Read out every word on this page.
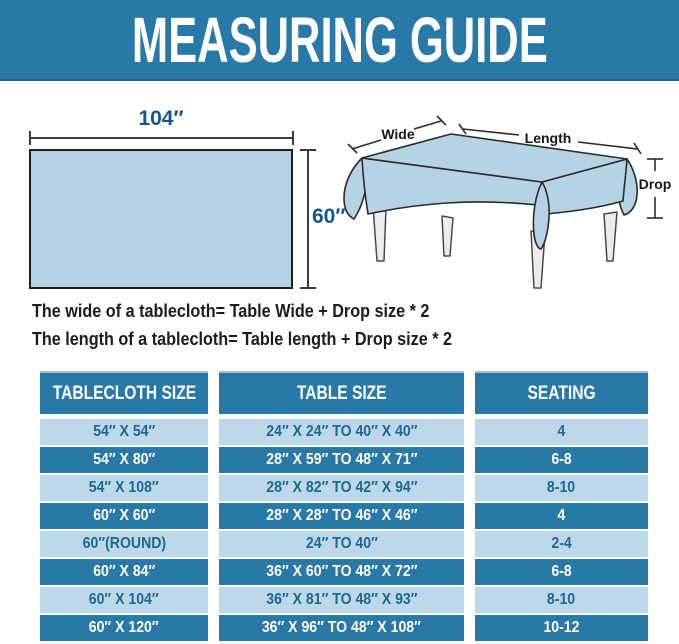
MEASURING GUIDE
104″
60″
Wide	Length
Drop
The wide of a tablecloth= Table Wide + Drop size * 2
The length of a tablecloth= Table length + Drop size * 2
TABLECLOTH SIZE	TABLE SIZE	SEATING
54″ X 54″	24″ X 24″ TO 40″ X 40″	4
54″ X 80″	28″ X 59″ TO 48″ X 71″	6-8
54″ X 108″	28″ X 82″ TO 42″ X 94″	8-10
60″ X 60″	28″ X 28″ TO 46″ X 46″	4
60″(ROUND)	24″ TO 40″	2-4
60″ X 84″	36″ X 60″ TO 48″ X 72″	6-8
60″ X 104″	36″ X 81″ TO 48″ X 93″	8-10
60″ X 120″	36″ X 96″ TO 48″ X 108″	10-12
